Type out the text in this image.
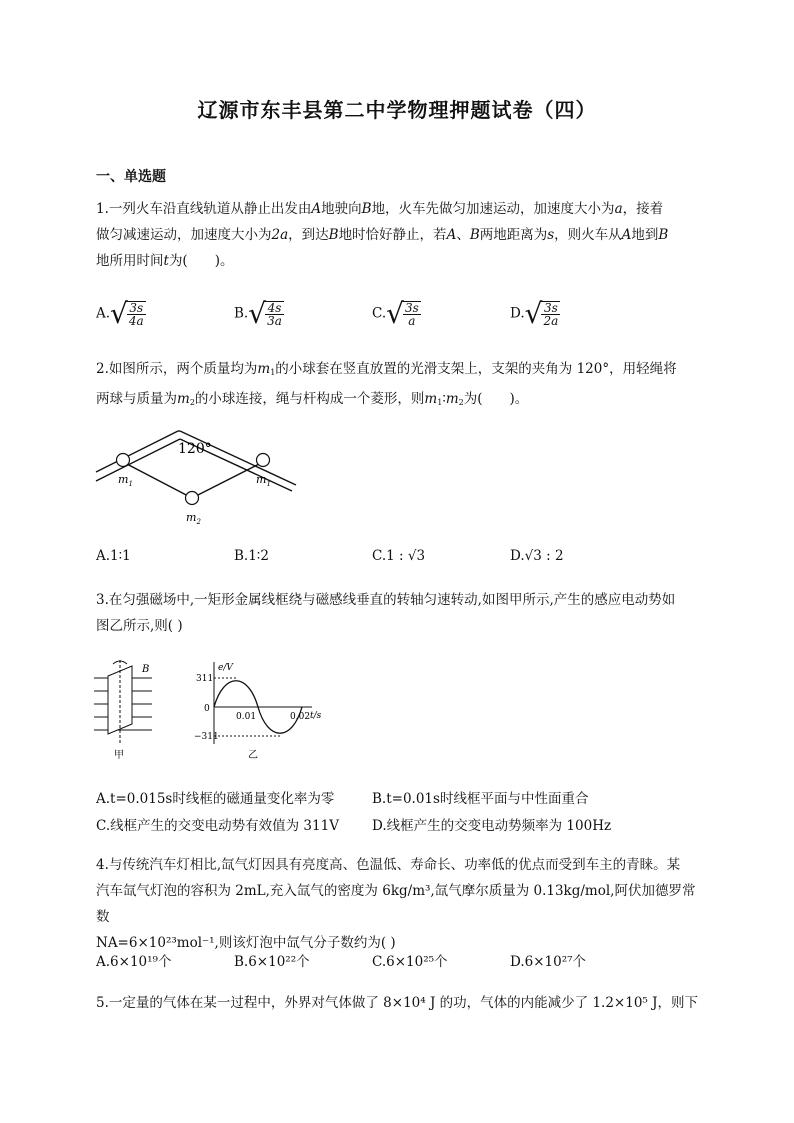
辽源市东丰县第二中学物理押题试卷（四）
一、单选题
1.一列火车沿直线轨道从静止出发由A地驶向B地，火车先做匀加速运动，加速度大小为a，接着
做匀减速运动，加速度大小为2a，到达B地时恰好静止，若A、B两地距离为s，则火车从A地到B
地所用时间t为(　　)。
$A.√ \frac{3s}{4a}$	$B.√ \frac{4s}{3a}$	$C.√ \frac{3s}{a}$	$D.√ \frac{3s}{2a}$
2.如图所示，两个质量均为$m_1$的小球套在竖直放置的光滑支架上，支架的夹角为 120°，用轻绳将
两球与质量为$m_2$的小球连接，绳与杆构成一个菱形，则$m_1∶m_2$为(　　)。
120°
$m_1$	$m_1$
$m_2$
A.1∶1	B.1∶2	C.1 : √3	D.√3 : 2
3.在匀强磁场中,一矩形金属线框绕与磁感线垂直的转轴匀速转动,如图甲所示,产生的感应电动势如
图乙所示,则( )
B
甲
e/V
t/s
311
−311
0
0.01	0.02
乙
A.t=0.015s时线框的磁通量变化率为零	B.t=0.01s时线框平面与中性面重合
C.线框产生的交变电动势有效值为 311V D.线框产生的交变电动势频率为 100Hz
4.与传统汽车灯相比,氙气灯因具有亮度高、色温低、寿命长、功率低的优点而受到车主的青睐。某
汽车氙气灯泡的容积为 2mL,充入氙气的密度为 6kg/m³,氙气摩尔质量为 0.13kg/mol,阿伏加德罗常数
NA=6×10²³mol⁻¹,则该灯泡中氙气分子数约为( )
A.6×10¹⁹个	B.6×10²²个	C.6×10²⁵个	D.6×10²⁷个
5.一定量的气体在某一过程中，外界对气体做了 8×10⁴ J 的功，气体的内能减少了 1.2×10⁵ J，则下
